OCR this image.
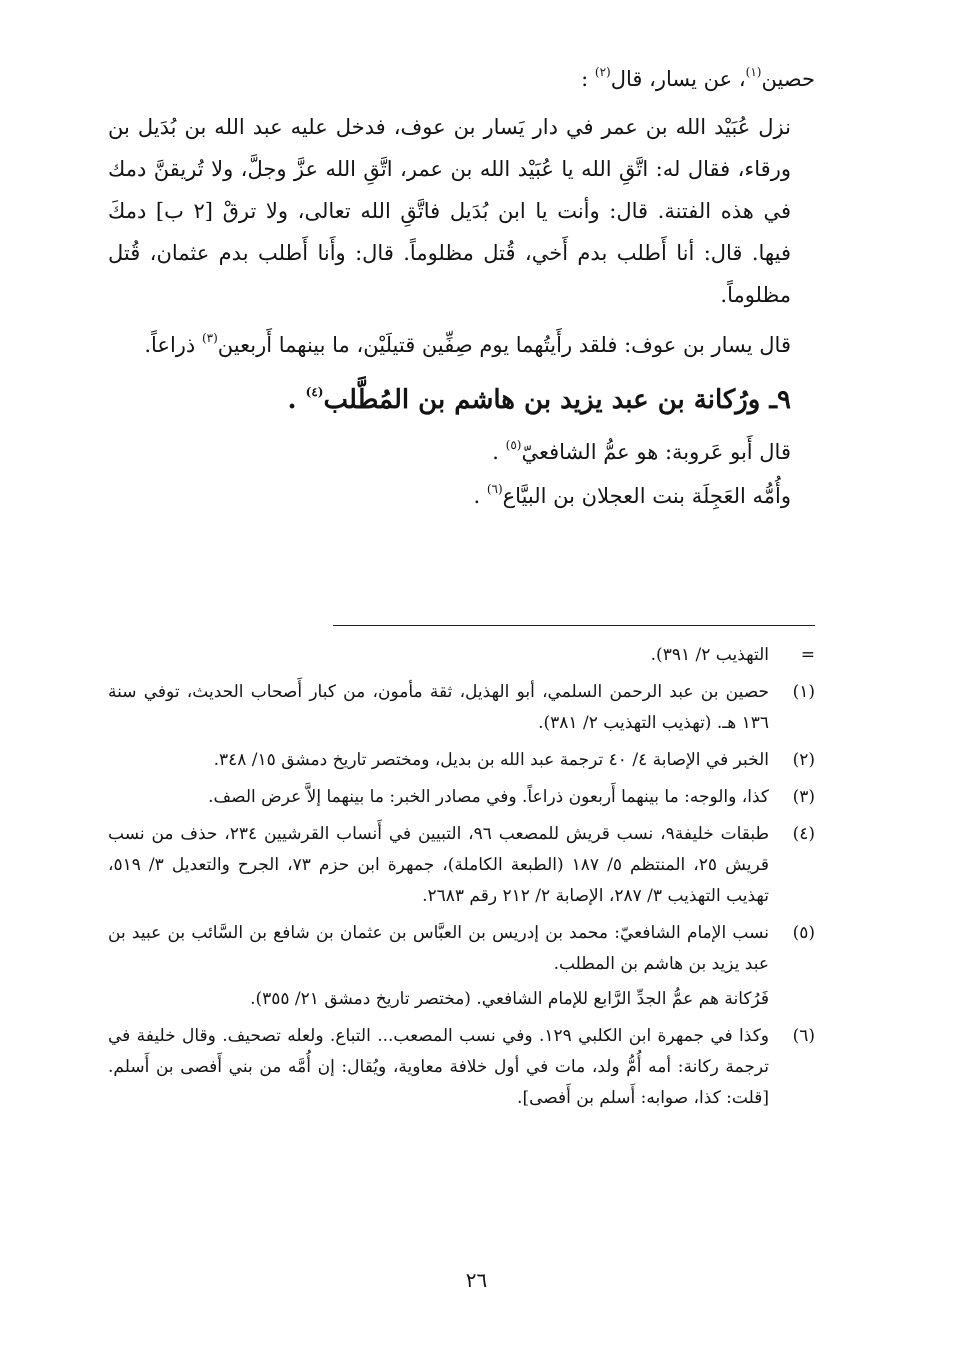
حصين$^{(١)}$، عن يسار، قال$^{(٢)}$ :

نزل عُبَيْد الله بن عمر في دار يَسار بن عوف، فدخل عليه عبد الله بن بُدَيل بن ورقاء، فقال له: اتَّقِ الله يا عُبَيْد الله بن عمر، اتَّقِ الله عزَّ وجلَّ، ولا تُريقنَّ دمك في هذه الفتنة. قال: وأنت يا ابن بُدَيل فاتَّقِ الله تعالى، ولا ترقْ [٢ ب] دمكَ فيها. قال: أنا أَطلب بدم أَخي، قُتل مظلوماً. قال: وأَنا أَطلب بدم عثمان، قُتل مظلوماً.

قال يسار بن عوف: فلقد رأَيتُهما يوم صِفِّين قتيلَيْن، ما بينهما أَربعين$^{(٣)}$ ذراعاً.

٩ـ ورُكانة بن عبد يزيد بن هاشم بن المُطَّلب$^{(٤)}$ .

قال أَبو عَروبة: هو عمُّ الشافعيّ$^{(٥)}$ .

وأُمُّه العَجِلَة بنت العجلان بن البيَّاع$^{(٦)}$ .

=

التهذيب ٢/ ٣٩١).

(١)

حصين بن عبد الرحمن السلمي، أبو الهذيل، ثقة مأمون، من كبار أَصحاب الحديث، توفي سنة ١٣٦ هـ. (تهذيب التهذيب ٢/ ٣٨١).

(٢)

الخبر في الإصابة ٤/ ٤٠ ترجمة عبد الله بن بديل، ومختصر تاريخ دمشق ١٥/ ٣٤٨.

(٣)

كذا، والوجه: ما بينهما أَربعون ذراعاً. وفي مصادر الخبر: ما بينهما إلاَّ عرض الصف.

(٤)

طبقات خليفة٩، نسب قريش للمصعب ٩٦، التبيين في أَنساب القرشيين ٢٣٤، حذف من نسب قريش ٢٥، المنتظم ٥/ ١٨٧ (الطبعة الكاملة)، جمهرة ابن حزم ٧٣، الجرح والتعديل ٣/ ٥١٩، تهذيب التهذيب ٣/ ٢٨٧، الإصابة ٢/ ٢١٢ رقم ٢٦٨٣.

(٥)

نسب الإمام الشافعيّ: محمد بن إدريس بن العبَّاس بن عثمان بن شافع بن السَّائب بن عبيد بن عبد يزيد بن هاشم بن المطلب.

فَرُكانة هم عمُّ الجدِّ الرَّابع للإمام الشافعي. (مختصر تاريخ دمشق ٢١/ ٣٥٥).

(٦)

وكذا في جمهرة ابن الكلبي ١٢٩. وفي نسب المصعب... التباع. ولعله تصحيف. وقال خليفة في ترجمة ركانة: أمه أُمُّ ولد، مات في أول خلافة معاوية، ويُقال: إن أُمَّه من بني أَفصى بن أَسلم. [قلت: كذا، صوابه: أَسلم بن أَفصى].

٢٦
